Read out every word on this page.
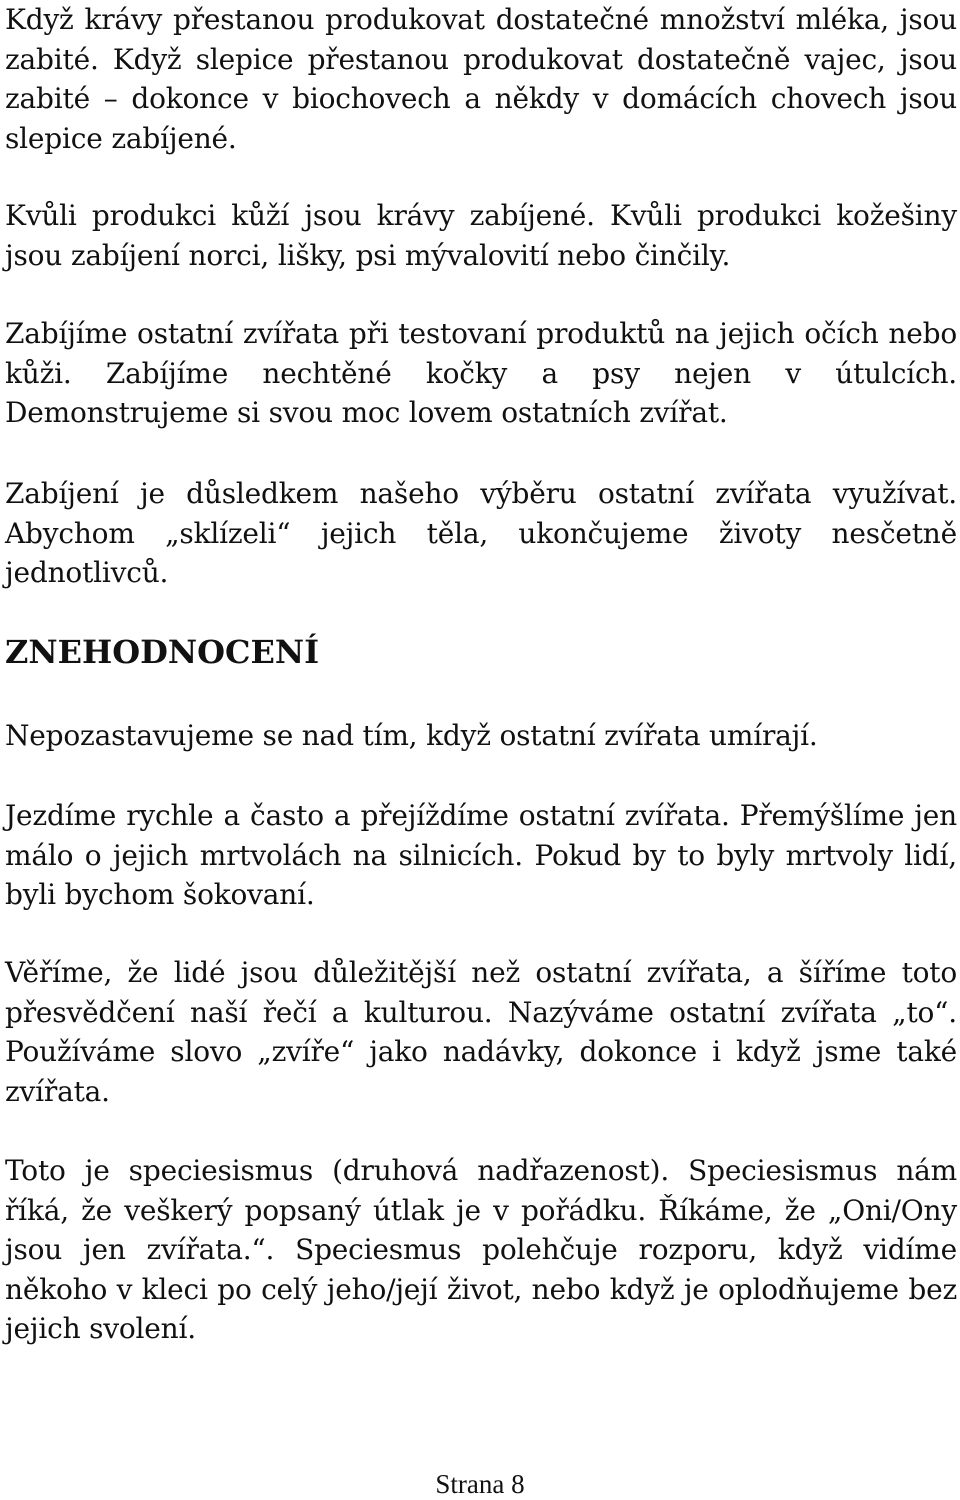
Když krávy přestanou produkovat dostatečné množství mléka, jsou zabité. Když slepice přestanou produkovat dostatečně vajec, jsou zabité – dokonce v biochovech a někdy v domácích chovech jsou slepice zabíjené.

Kvůli produkci kůží jsou krávy zabíjené. Kvůli produkci kožešiny jsou zabíjení norci, lišky, psi mývalovití nebo činčily.

Zabíjíme ostatní zvířata při testovaní produktů na jejich očích nebo kůži. Zabíjíme nechtěné kočky a psy nejen v útulcích. Demonstrujeme si svou moc lovem ostatních zvířat.

Zabíjení je důsledkem našeho výběru ostatní zvířata využívat. Abychom „sklízeli“ jejich těla, ukončujeme životy nesčetně jednotlivců.

ZNEHODNOCENÍ

Nepozastavujeme se nad tím, když ostatní zvířata umírají.

Jezdíme rychle a často a přejíždíme ostatní zvířata. Přemýšlíme jen málo o jejich mrtvolách na silnicích. Pokud by to byly mrtvoly lidí, byli bychom šokovaní.

Věříme, že lidé jsou důležitější než ostatní zvířata, a šíříme toto přesvědčení naší řečí a kulturou. Nazýváme ostatní zvířata „to“. Používáme slovo „zvíře“ jako nadávky, dokonce i když jsme také zvířata.

Toto je speciesismus (druhová nadřazenost). Speciesismus nám říká, že veškerý popsaný útlak je v pořádku. Říkáme, že „Oni/Ony jsou jen zvířata.“. Speciesmus polehčuje rozporu, když vidíme někoho v kleci po celý jeho/její život, nebo když je oplodňujeme bez jejich svolení.

Strana 8
